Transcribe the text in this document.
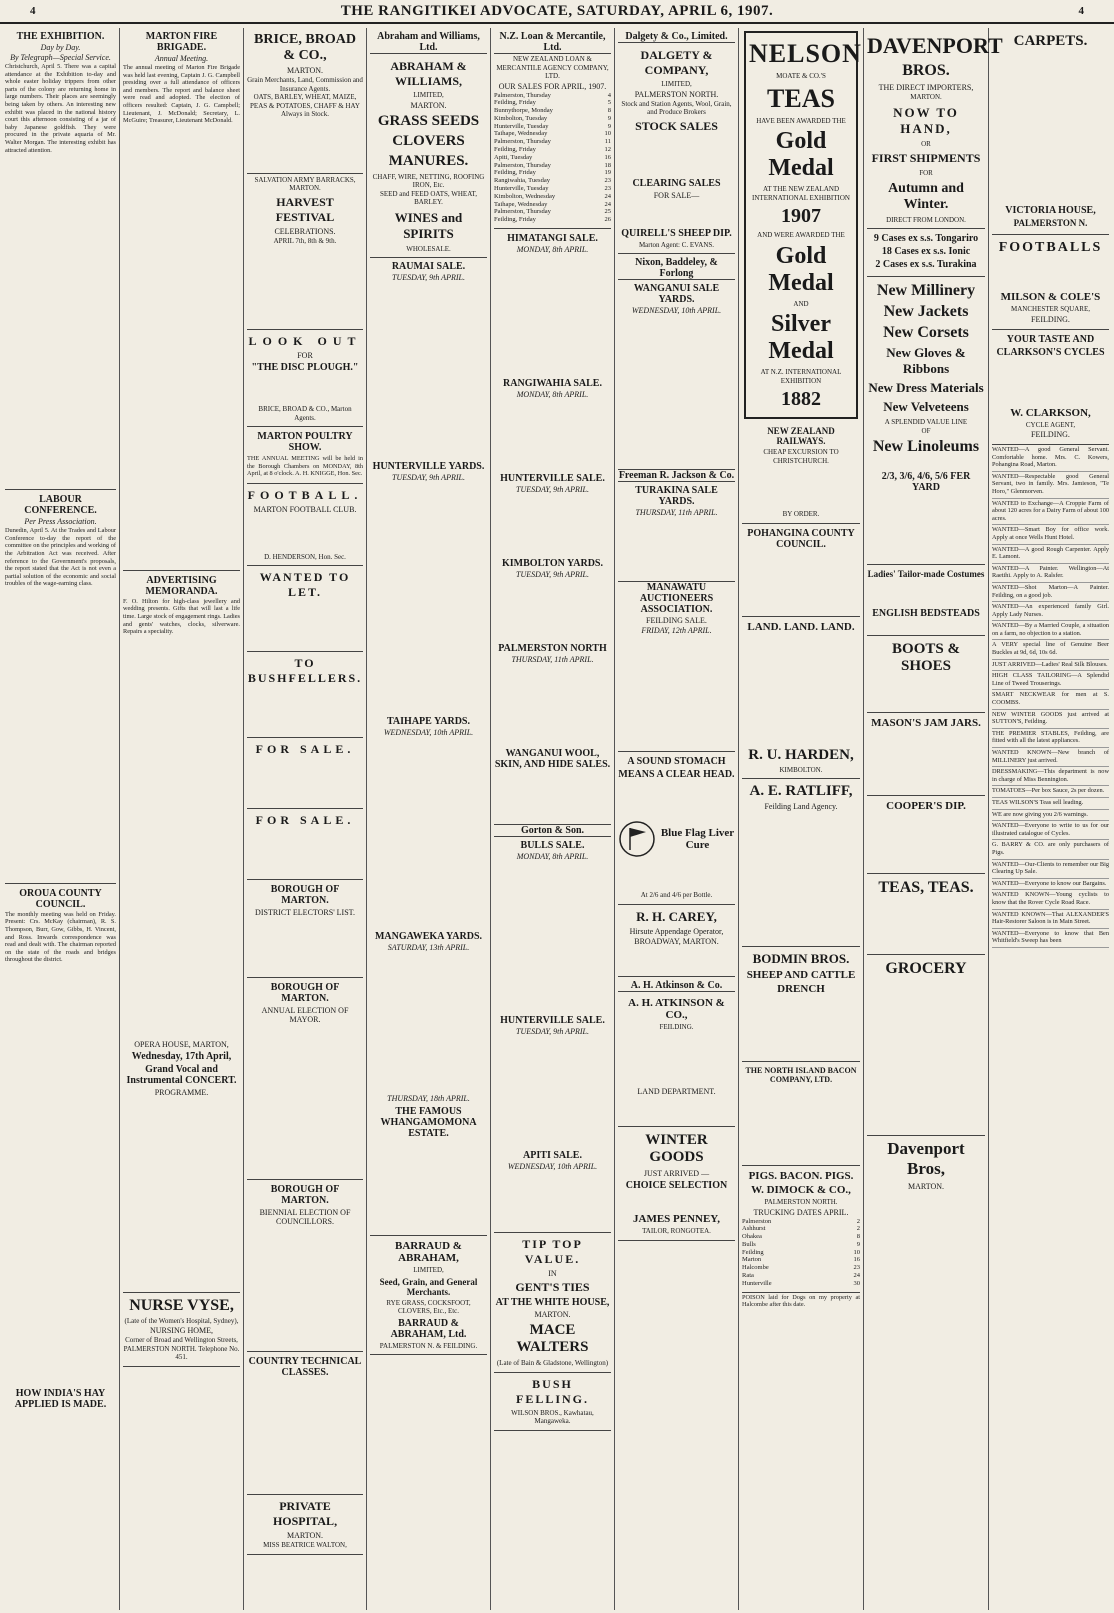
4	THE RANGITIKEI ADVOCATE, SATURDAY, APRIL 6, 1907.	4
THE EXHIBITION.
Day by Day.
By Telegraph—Special Service.
Christchurch, April 5. There was a capital attendance at the Exhibition to-day and whole easter holiday trippers from other parts of the colony are returning home in large numbers. Their places are seemingly being taken by others. An interesting new exhibit was placed in the national history court this afternoon consisting of a jar of baby Japanese goldfish. They were procured in the private aquaria of Mr. Walter Morgan. The interesting exhibit has attracted attention.
LABOUR CONFERENCE.
Per Press Association.
Dunedin, April 5. At the Trades and Labour Conference to-day the report of the committee on the principles and working of the Arbitration Act was received. After reference to the Government's proposals, the report stated that the Act is not even a partial solution of the economic and social troubles of the wage-earning class.
OROUA COUNTY COUNCIL.
The monthly meeting was held on Friday. Present: Crs. McKay (chairman), R. S. Thompson, Burr, Gow, Gibbs, H. Vincent, and Ross. Inwards correspondence was read and dealt with. The chairman reported on the state of the roads and bridges throughout the district.
HOW INDIA'S HAY APPLIED IS MADE.
MARTON FIRE BRIGADE.
Annual Meeting.
The annual meeting of Marton Fire Brigade was held last evening, Captain J. G. Campbell presiding over a full attendance of officers and members. The report and balance sheet were read and adopted. The election of officers resulted: Captain, J. G. Campbell; Lieutenant, J. McDonald; Secretary, L. McGuire; Treasurer, Lieutenant McDonald.
ADVERTISING MEMORANDA.
F. O. Hilton for high-class jewellery and wedding presents. Gifts that will last a life time. Large stock of engagement rings. Ladies and gents' watches, clocks, silverware. Repairs a speciality.
OPERA HOUSE, MARTON,
Wednesday, 17th April,
Grand Vocal and Instrumental CONCERT.
PROGRAMME.
NURSE VYSE,
(Late of the Women's Hospital, Sydney),
NURSING HOME,
Corner of Broad and Wellington Streets, PALMERSTON NORTH. Telephone No. 451.
BRICE, BROAD & CO.,
MARTON.
Grain Merchants, Land, Commission and Insurance Agents.
OATS, BARLEY, WHEAT, MAIZE, PEAS & POTATOES, CHAFF & HAY Always in Stock.
SALVATION ARMY BARRACKS, MARTON.
HARVEST FESTIVAL
CELEBRATIONS.
APRIL 7th, 8th & 9th.
LOOK OUT
FOR
"THE DISC PLOUGH."
BRICE, BROAD & CO., Marton Agents.
MARTON POULTRY SHOW.
THE ANNUAL MEETING will be held in the Borough Chambers on MONDAY, 8th April, at 8 o'clock. A. H. KNIGGE, Hon. Sec.
FOOTBALL.
MARTON FOOTBALL CLUB.
D. HENDERSON, Hon. Sec.
WANTED TO LET.
TO BUSHFELLERS.
FOR SALE.
FOR SALE.
BOROUGH OF MARTON.
DISTRICT ELECTORS' LIST.
BOROUGH OF MARTON.
ANNUAL ELECTION OF MAYOR.
BOROUGH OF MARTON.
BIENNIAL ELECTION OF COUNCILLORS.
COUNTRY TECHNICAL CLASSES.
PRIVATE HOSPITAL,
MARTON.
MISS BEATRICE WALTON,
Abraham and Williams, Ltd.
ABRAHAM & WILLIAMS,
LIMITED,
MARTON.
GRASS SEEDS
CLOVERS
MANURES.
CHAFF, WIRE, NETTING, ROOFING IRON, Etc.
SEED and FEED OATS, WHEAT, BARLEY.
WINES and SPIRITS
WHOLESALE.
RAUMAI SALE.
TUESDAY, 9th APRIL.
HUNTERVILLE YARDS.
TUESDAY, 9th APRIL.
TAIHAPE YARDS.
WEDNESDAY, 10th APRIL.
MANGAWEKA YARDS.
SATURDAY, 13th APRIL.
THURSDAY, 18th APRIL.
THE FAMOUS WHANGAMOMONA ESTATE.
BARRAUD & ABRAHAM,
LIMITED,
Seed, Grain, and General Merchants.
RYE GRASS, COCKSFOOT, CLOVERS, Etc., Etc.
BARRAUD & ABRAHAM, Ltd.
PALMERSTON N. & FEILDING.
N.Z. Loan & Mercantile, Ltd.
NEW ZEALAND LOAN & MERCANTILE AGENCY COMPANY, LTD.
OUR SALES FOR APRIL, 1907.
Palmerston, Thursday	4
Feilding, Friday	5
Bunnythorpe, Monday	8
Kimbolton, Tuesday	9
Hunterville, Tuesday	9
Taihape, Wednesday	10
Palmerston, Thursday	11
Feilding, Friday	12
Apiti, Tuesday	16
Palmerston, Thursday	18
Feilding, Friday	19
Rangiwahia, Tuesday	23
Hunterville, Tuesday	23
Kimbolton, Wednesday	24
Taihape, Wednesday	24
Palmerston, Thursday	25
Feilding, Friday	26
HIMATANGI SALE.
MONDAY, 8th APRIL.
RANGIWAHIA SALE.
MONDAY, 8th APRIL.
HUNTERVILLE SALE.
TUESDAY, 9th APRIL.
KIMBOLTON YARDS.
TUESDAY, 9th APRIL.
PALMERSTON NORTH
THURSDAY, 11th APRIL.
WANGANUI WOOL, SKIN, AND HIDE SALES.
Gorton & Son.
BULLS SALE.
MONDAY, 8th APRIL.
HUNTERVILLE SALE.
TUESDAY, 9th APRIL.
APITI SALE.
WEDNESDAY, 10th APRIL.
TIP TOP VALUE.
IN
GENT'S TIES
AT THE WHITE HOUSE,
MARTON.
MACE WALTERS
(Late of Bain & Gladstone, Wellington)
BUSH FELLING.
WILSON BROS., Kawhatau, Mangaweka.
Dalgety & Co., Limited.
DALGETY & COMPANY,
LIMITED,
PALMERSTON NORTH.
Stock and Station Agents, Wool, Grain, and Produce Brokers
STOCK SALES
CLEARING SALES
FOR SALE—
QUIRELL'S SHEEP DIP.
Marton Agent: C. EVANS.
Nixon, Baddeley, & Forlong
WANGANUI SALE YARDS.
WEDNESDAY, 10th APRIL.
Freeman R. Jackson & Co.
TURAKINA SALE YARDS.
THURSDAY, 11th APRIL.
MANAWATU AUCTIONEERS ASSOCIATION.
FEILDING SALE.
FRIDAY, 12th APRIL.
A SOUND STOMACH
MEANS A CLEAR HEAD.
Blue Flag Liver Cure
At 2/6 and 4/6 per Bottle.
R. H. CAREY,
Hirsute Appendage Operator,
BROADWAY, MARTON.
A. H. Atkinson & Co.
A. H. ATKINSON & CO.,
FEILDING.
LAND DEPARTMENT.
WINTER GOODS
JUST ARRIVED —
CHOICE SELECTION
JAMES PENNEY,
TAILOR, RONGOTEA.
NELSON
MOATE & CO.'S
TEAS
HAVE BEEN AWARDED THE
Gold Medal
AT THE NEW ZEALAND INTERNATIONAL EXHIBITION
1907
AND WERE AWARDED THE
Gold Medal
AND
Silver Medal
AT N.Z. INTERNATIONAL EXHIBITION
1882
NEW ZEALAND RAILWAYS.
CHEAP EXCURSION TO CHRISTCHURCH.
BY ORDER.
POHANGINA COUNTY COUNCIL.
LAND. LAND. LAND.
R. U. HARDEN,
KIMBOLTON.
A. E. RATLIFF,
Feilding Land Agency.
BODMIN BROS.
SHEEP AND CATTLE
DRENCH
THE NORTH ISLAND BACON COMPANY, LTD.
PIGS. BACON. PIGS.
W. DIMOCK & CO.,
PALMERSTON NORTH.
TRUCKING DATES APRIL.
Palmerston	2
Ashhurst	2
Ohakea	8
Bulls	9
Feilding	10
Marton	16
Halcombe	23
Rata	24
Hunterville	30
POISON laid for Dogs on my property at Halcombe after this date.
DAVENPORT
BROS.
THE DIRECT IMPORTERS,
MARTON.
NOW TO HAND,
OR
FIRST SHIPMENTS
FOR
Autumn and Winter.
DIRECT FROM LONDON.
9 Cases ex s.s. Tongariro
18 Cases ex s.s. Ionic
2 Cases ex s.s. Turakina
New Millinery
New Jackets
New Corsets
New Gloves & Ribbons
New Dress Materials
New Velveteens
A SPLENDID VALUE LINE
OF
New Linoleums
2/3, 3/6, 4/6, 5/6 FER YARD
Ladies' Tailor-made Costumes
ENGLISH BEDSTEADS
BOOTS & SHOES
MASON'S JAM JARS.
COOPER'S DIP.
TEAS, TEAS.
GROCERY
Davenport Bros,
MARTON.
CARPETS.
VICTORIA HOUSE,
PALMERSTON N.
FOOTBALLS
MILSON & COLE'S
MANCHESTER SQUARE,
FEILDING.
YOUR TASTE AND
CLARKSON'S CYCLES
W. CLARKSON,
CYCLE AGENT,
FEILDING.
WANTED—A good General Servant. Comfortable home. Mrs. C. Kowers, Pohangina Road, Marton.
WANTED—Respectable good General Servant, two in family. Mrs. Jamieson, "Te Horo," Glenmorven.
WANTED to Exchange—A Croppie Farm of about 120 acres for a Dairy Farm of about 100 acres.
WANTED—Smart Boy for office work. Apply at once Wells Hunt Hotel.
WANTED—A good Rough Carpenter. Apply E. Lamont.
WANTED—A Painter. Wellington—At Raetihi. Apply to A. Ralsfer.
WANTED—Shot Marton—A Painter. Feilding, on a good job.
WANTED—An experienced family Girl. Apply Lady Nurses.
WANTED—By a Married Couple, a situation on a farm, no objection to a station.
A VERY special line of Genuine Beer Buckles at 9d, 6d, 10s 6d.
JUST ARRIVED—Ladies' Real Silk Blouses.
HIGH CLASS TAILORING—A Splendid Line of Tweed Trouserings.
SMART NECKWEAR for men at S. COOMBS.
NEW WINTER GOODS just arrived at SUTTON'S, Feilding.
THE PREMIER STABLES, Feilding, are fitted with all the latest appliances.
WANTED KNOWN—New branch of MILLINERY just arrived.
DRESSMAKING—This department is now in charge of Miss Bennington.
TOMATOES—Per box Sauce, 2s per dozen.
TEAS WILSON'S Teas sell leading.
WE are now giving you 2/6 warnings.
WANTED—Everyone to write to us for our illustrated catalogue of Cycles.
G. BARRY & CO. are only purchasers of Pigs.
WANTED—Our-Clients to remember our Big Clearing Up Sale.
WANTED—Everyone to know our Bargains.
WANTED KNOWN—Young cyclists to know that the Rover Cycle Road Race.
WANTED KNOWN—That ALEXANDER'S Hair-Restorer Saloon is in Main Street.
WANTED—Everyone to know that Ben Whitfield's Sweep has been
